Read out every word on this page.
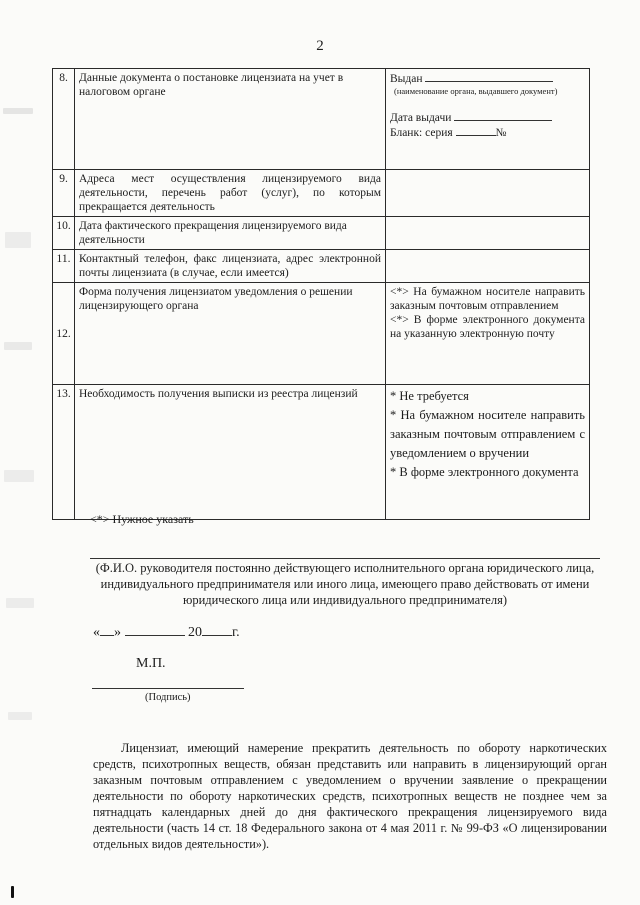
2
8.	Данные документа о постановке лицензиата на учет в налоговом органе	Выдан
(наименование органа, выдавшего документ)
Дата выдачи
Бланк: серия №

9.	Адреса мест осуществления лицензируемого вида деятельности, перечень работ (услуг), по которым прекращается деятельность	
10.	Дата фактического прекращения лицензируемого вида деятельности	
11.	Контактный телефон, факс лицензиата, адрес электронной почты лицензиата (в случае, если имеется)	
12.	Форма получения лицензиатом уведомления о решении лицензирующего органа	<*> На бумажном носителе направить заказным почтовым отправлением
<*> В форме электронного документа на указанную электронную почту

13.	Необходимость получения выписки из реестра лицензий	* Не требуется
* На бумажном носителе направить заказным почтовым отправлением с уведомлением о вручении
* В форме электронного документа
<*> Нужное указать
(Ф.И.О. руководителя постоянно действующего исполнительного органа юридического лица, индивидуального предпринимателя или иного лица, имеющего право действовать от имени юридического лица или индивидуального предпринимателя)
« »	20 г.
М.П.
(Подпись)
Лицензиат, имеющий намерение прекратить деятельность по обороту наркотических средств, психотропных веществ, обязан представить или направить в лицензирующий орган заказным почтовым отправлением с уведомлением о вручении заявление о прекращении деятельности по обороту наркотических средств, психотропных веществ не позднее чем за пятнадцать календарных дней до дня фактического прекращения лицензируемого вида деятельности (часть 14 ст. 18 Федерального закона от 4 мая 2011 г. № 99-ФЗ «О лицензировании отдельных видов деятельности»).
